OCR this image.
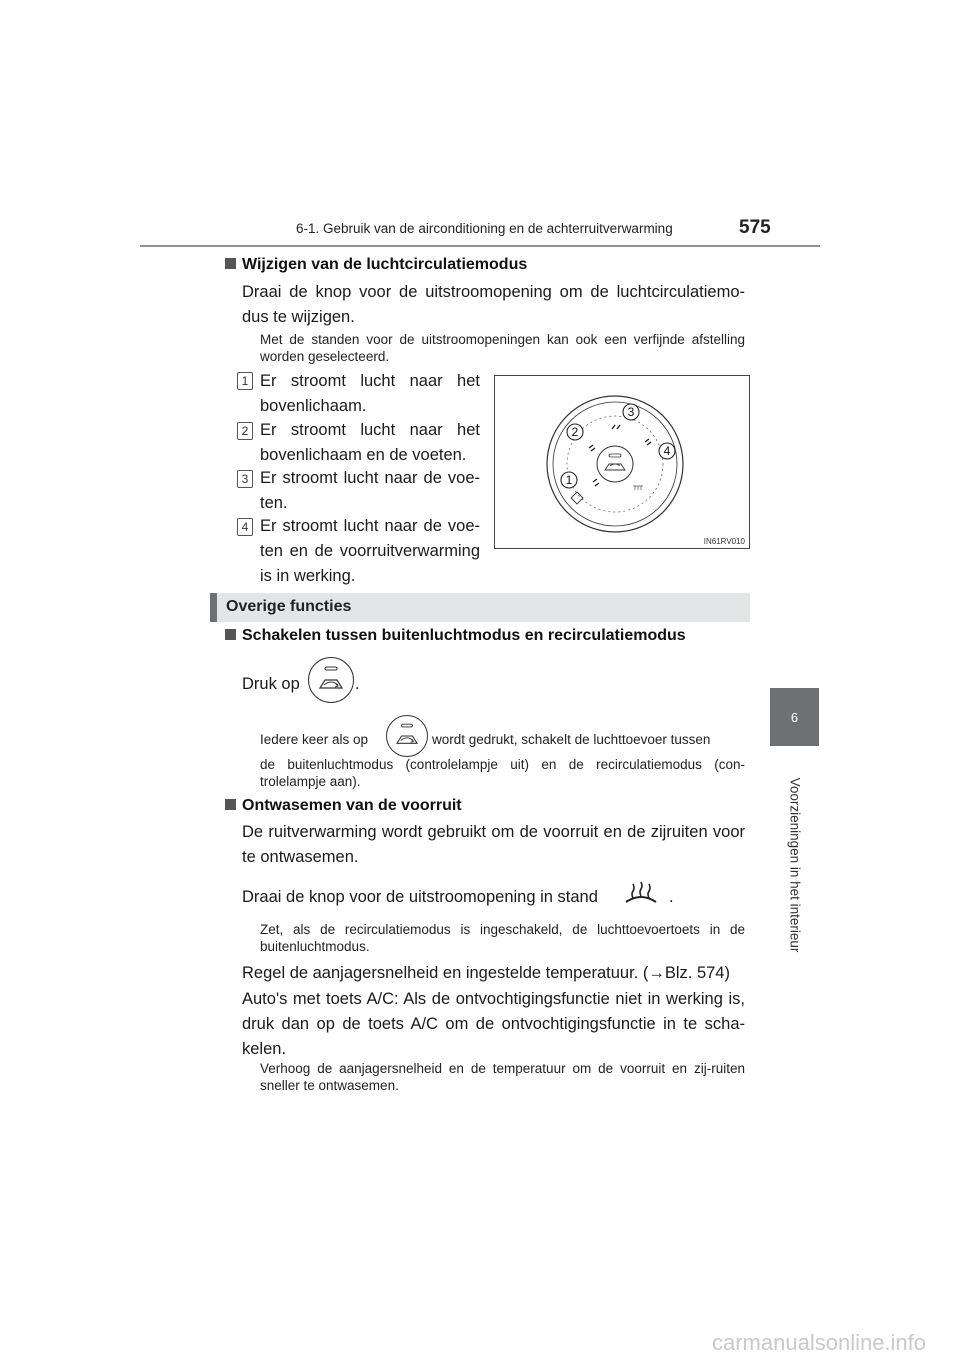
6-1. Gebruik van de airconditioning en de achterruitverwarming	575
6
Voorzieningen in het interieur
Wijzigen van de luchtcirculatiemodus
Draai de knop voor de uitstroomopening om de luchtcirculatiemo-dus te wijzigen.
Met de standen voor de uitstroomopeningen kan ook een verfijnde afstelling worden geselecteerd.
1 Er stroomt lucht naar het bovenlichaam.
2 Er stroomt lucht naar het bovenlichaam en de voeten.
3 Er stroomt lucht naar de voe-ten.
4 Er stroomt lucht naar de voe-ten en de voorruitverwarming is in werking.
1
2
3
4
IN61RV010
Overige functies
Schakelen tussen buitenluchtmodus en recirculatiemodus
Druk op	.
Iedere keer als op	wordt gedrukt, schakelt de luchttoevoer tussen
de buitenluchtmodus (controlelampje uit) en de recirculatiemodus (con-trolelampje aan).
Ontwasemen van de voorruit
De ruitverwarming wordt gebruikt om de voorruit en de zijruiten voor te ontwasemen.
Draai de knop voor de uitstroomopening in stand	.
Zet, als de recirculatiemodus is ingeschakeld, de luchttoevoertoets in de buitenluchtmodus.
Regel de aanjagersnelheid en ingestelde temperatuur. (→Blz. 574)
Auto's met toets A/C: Als de ontvochtigingsfunctie niet in werking is, druk dan op de toets A/C om de ontvochtigingsfunctie in te scha-kelen.
Verhoog de aanjagersnelheid en de temperatuur om de voorruit en zij-ruiten sneller te ontwasemen.
carmanualsonline.info
